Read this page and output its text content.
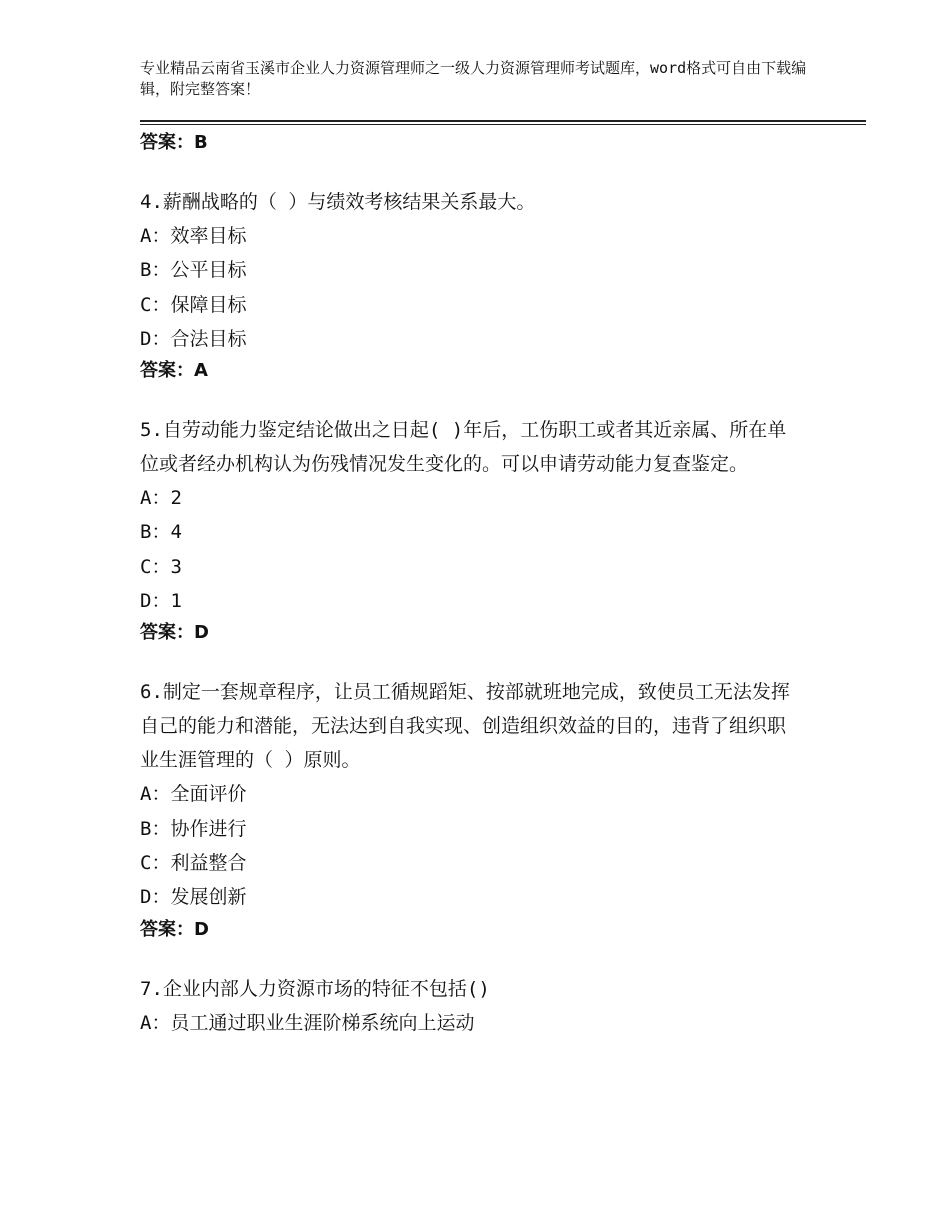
专业精品云南省玉溪市企业人力资源管理师之一级人力资源管理师考试题库，word格式可自由下载编辑，附完整答案！
答案：B
4.薪酬战略的（ ）与绩效考核结果关系最大。
A：效率目标
B：公平目标
C：保障目标
D：合法目标
答案：A
5.自劳动能力鉴定结论做出之日起( )年后，工伤职工或者其近亲属、所在单位或者经办机构认为伤残情况发生变化的。可以申请劳动能力复查鉴定。
A：2
B：4
C：3
D：1
答案：D
6.制定一套规章程序，让员工循规蹈矩、按部就班地完成，致使员工无法发挥自己的能力和潜能，无法达到自我实现、创造组织效益的目的，违背了组织职业生涯管理的（ ）原则。
A：全面评价
B：协作进行
C：利益整合
D：发展创新
答案：D
7.企业内部人力资源市场的特征不包括()
A：员工通过职业生涯阶梯系统向上运动
